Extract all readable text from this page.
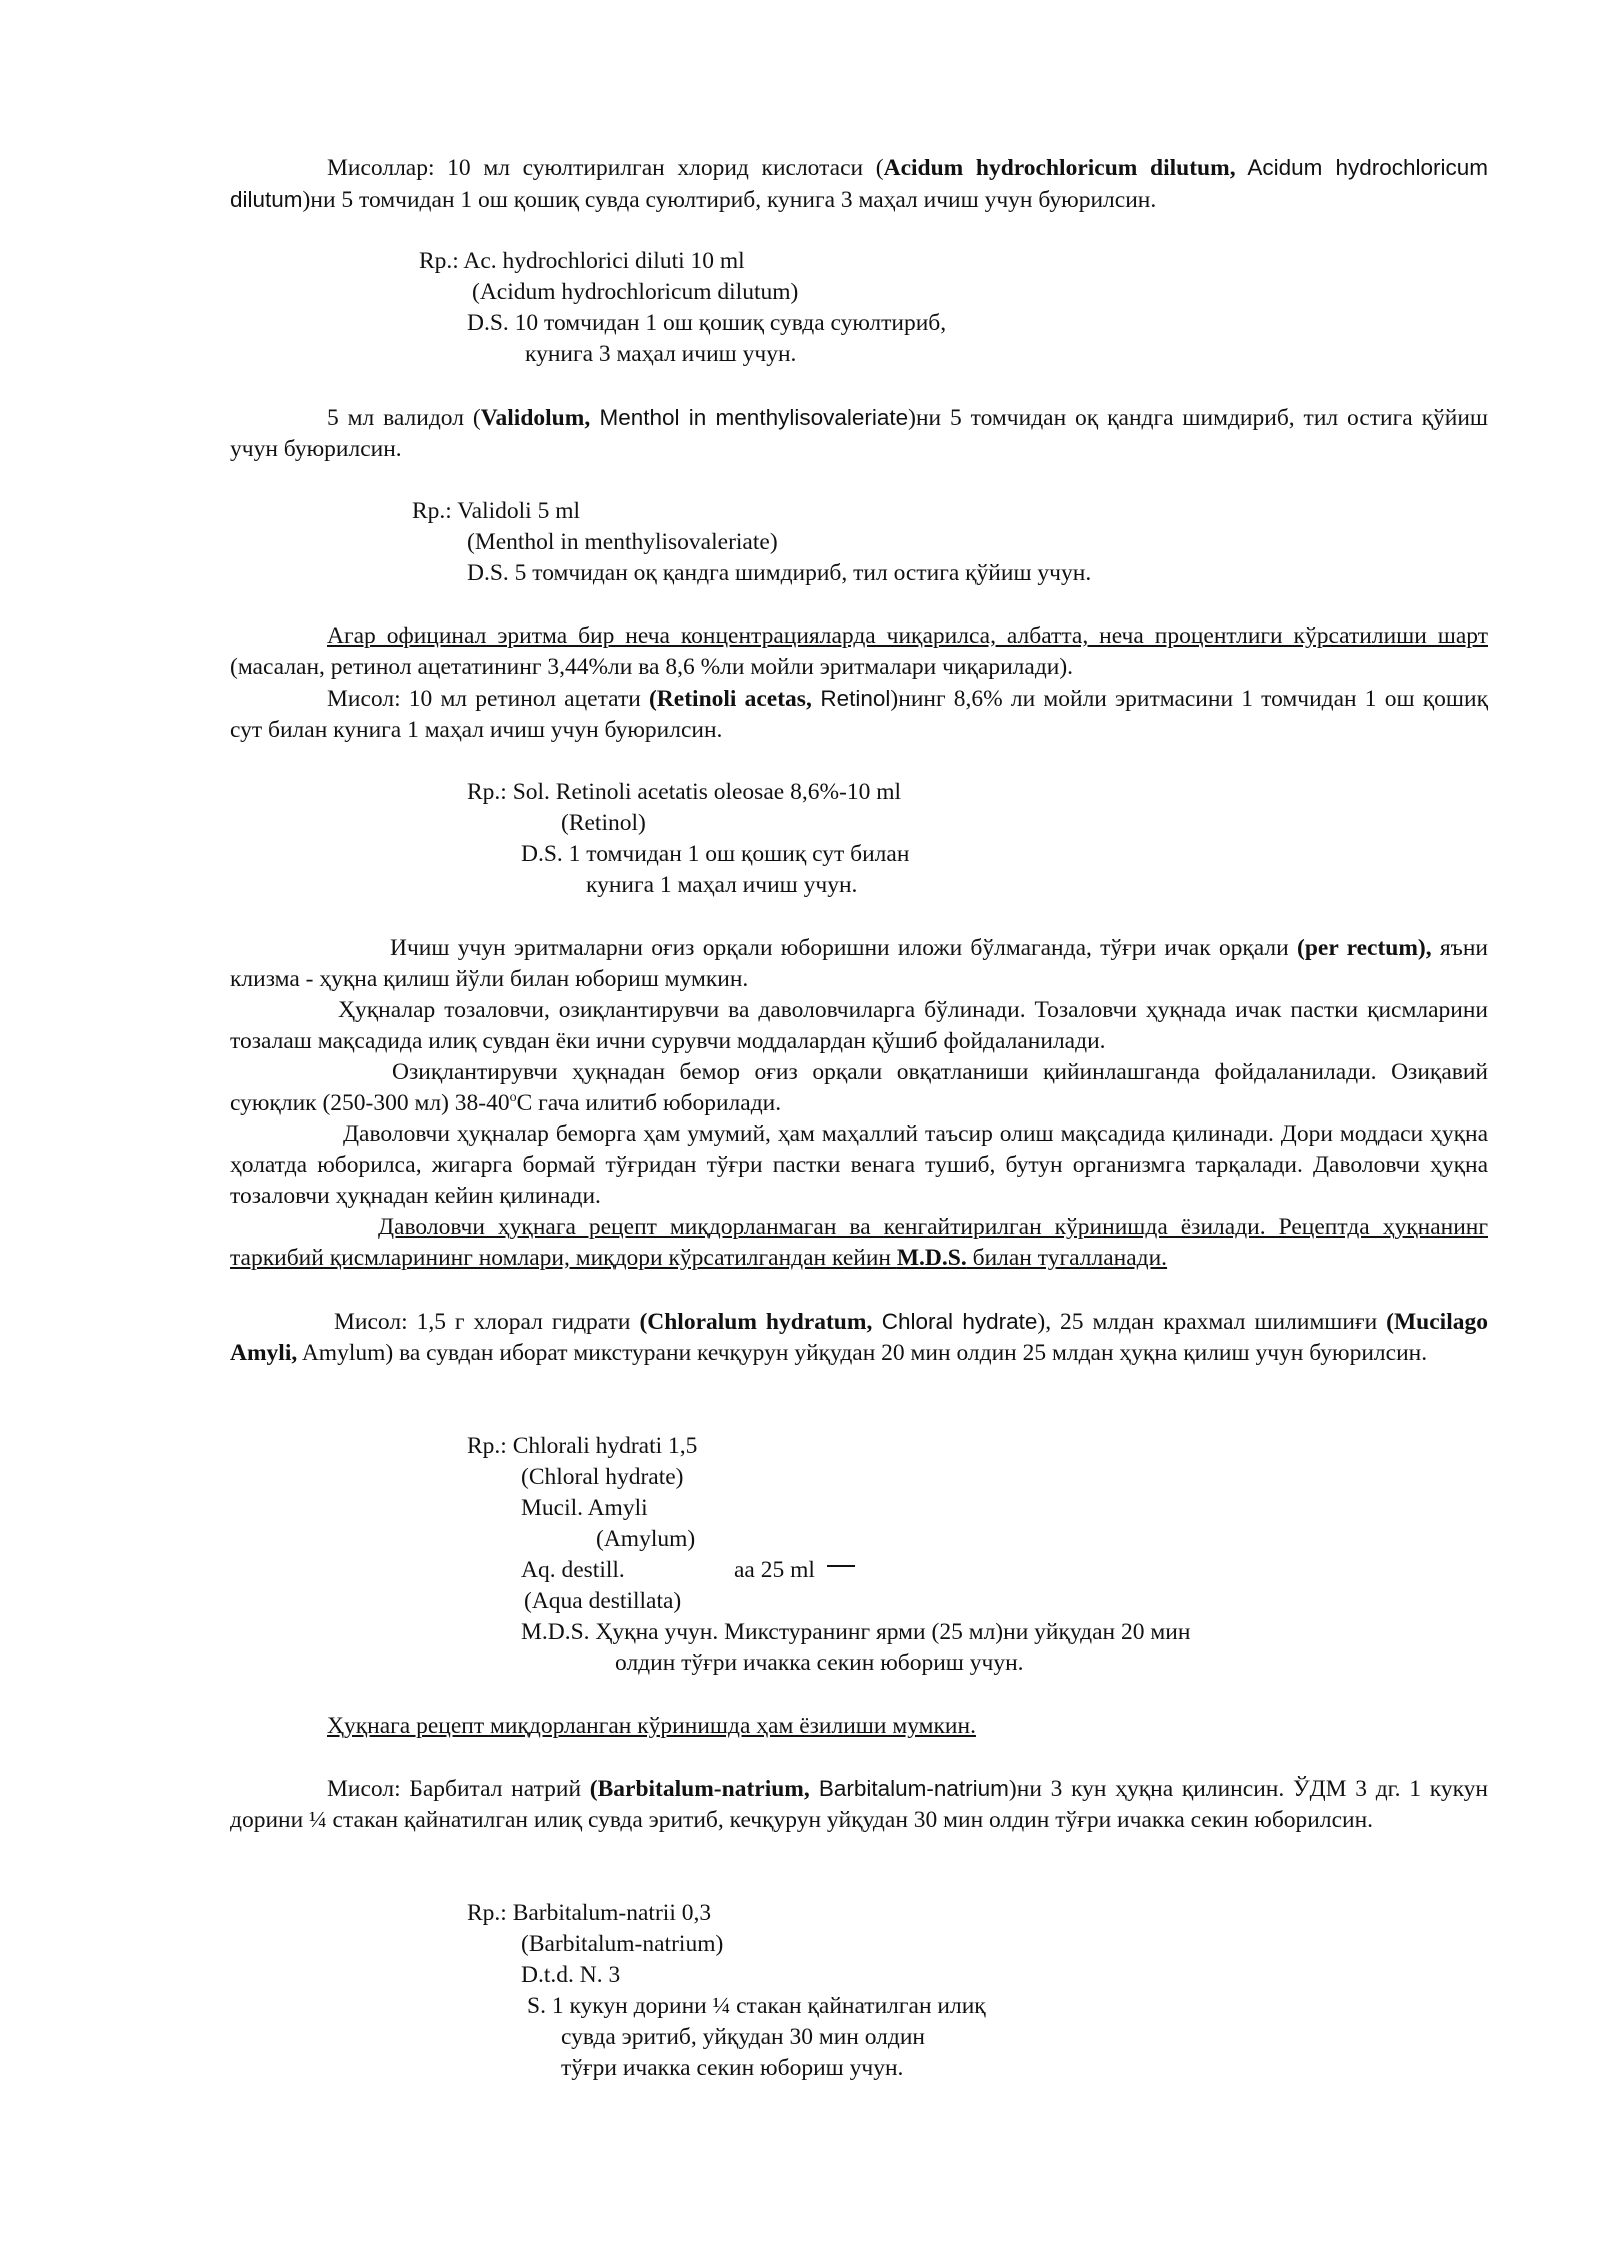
Мисоллар: 10 мл суюлтирилган хлорид кислотаси (Acidum hydrochloricum dilutum, Acidum hydrochloricum dilutum)ни 5 томчидан 1 ош қошиқ сувда суюлтириб, кунига 3 маҳал ичиш учун буюрилсин.

Rp.: Ac. hydrochlorici diluti 10 ml

(Acidum hydrochloricum dilutum)

D.S. 10 томчидан 1 ош қошиқ сувда суюлтириб,

кунига 3 маҳал ичиш учун.

5 мл валидол (Validolum, Menthol in menthylisovaleriate)ни 5 томчидан оқ қандга шимдириб, тил остига қўйиш учун буюрилсин.

Rp.: Validoli 5 ml

(Menthol in menthylisovaleriate)

D.S. 5 томчидан оқ қандга шимдириб, тил остига қўйиш учун.

Агар официнал эритма бир неча концентрацияларда чиқарилса, албатта, неча процентлиги кўрсатилиши шарт (масалан, ретинол ацетатининг 3,44%ли ва 8,6 %ли мойли эритмалари чиқарилади).

Мисол: 10 мл ретинол ацетати (Retinoli acetas, Retinol)нинг 8,6% ли мойли эритмасини 1 томчидан 1 ош қошиқ сут билан кунига 1 маҳал ичиш учун буюрилсин.

Rp.: Sol. Retinoli acetatis oleosae 8,6%-10 ml

(Retinol)

D.S. 1 томчидан 1 ош қошиқ сут билан

кунига 1 маҳал ичиш учун.

Ичиш учун эритмаларни оғиз орқали юборишни иложи бўлмаганда, тўғри ичак орқали (per rectum), яъни клизма - ҳуқна қилиш йўли билан юбориш мумкин.

Ҳуқналар тозаловчи, озиқлантирувчи ва даволовчиларга бўлинади. Тозаловчи ҳуқнада ичак пастки қисмларини тозалаш мақсадида илиқ сувдан ёки ични сурувчи моддалардан қўшиб фойдаланилади.

Озиқлантирувчи ҳуқнадан бемор оғиз орқали овқатланиши қийинлашганда фойдаланилади. Озиқавий суюқлик (250-300 мл) $38-40^оС$ гача илитиб юборилади.

Даволовчи ҳуқналар беморга ҳам умумий, ҳам маҳаллий таъсир олиш мақсадида қилинади. Дори моддаси ҳуқна ҳолатда юборилса, жигарга бормай тўғридан тўғри пастки венага тушиб, бутун организмга тарқалади. Даволовчи ҳуқна тозаловчи ҳуқнадан кейин қилинади.

Даволовчи ҳуқнага рецепт миқдорланмаган ва кенгайтирилган кўринишда ёзилади. Рецептда ҳуқнанинг таркибий қисмларининг номлари, миқдори кўрсатилгандан кейин M.D.S. билан тугалланади.

Мисол: 1,5 г хлорал гидрати (Chloralum hydratum, Chloral hydrate), 25 млдан крахмал шилимшиғи (Mucilago Amyli, Amylum) ва сувдан иборат микстурани кечқурун уйқудан 20 мин олдин 25 млдан ҳуқна қилиш учун буюрилсин.

Rp.: Chlorali hydrati 1,5

(Chloral hydrate)

Mucil. Amyli

(Amylum)

Aq. destill.	aa 25 ml

(Aqua destillata)

M.D.S. Ҳуқна учун. Микстуранинг ярми (25 мл)ни уйқудан 20 мин

олдин тўғри ичакка секин юбориш учун.

Ҳуқнага рецепт миқдорланган кўринишда ҳам ёзилиши мумкин.

Мисол: Барбитал натрий (Barbitalum-natrium, Barbitalum-natrium)ни 3 кун ҳуқна қилинсин. ЎДМ 3 дг. 1 кукун дорини ¼ стакан қайнатилган илиқ сувда эритиб, кечқурун уйқудан 30 мин олдин тўғри ичакка секин юборилсин.

Rp.: Barbitalum-natrii 0,3

(Barbitalum-natrium)

D.t.d. N. 3

S. 1 кукун дорини ¼ стакан қайнатилган илиқ

сувда эритиб, уйқудан 30 мин олдин

тўғри ичакка секин юбориш учун.
